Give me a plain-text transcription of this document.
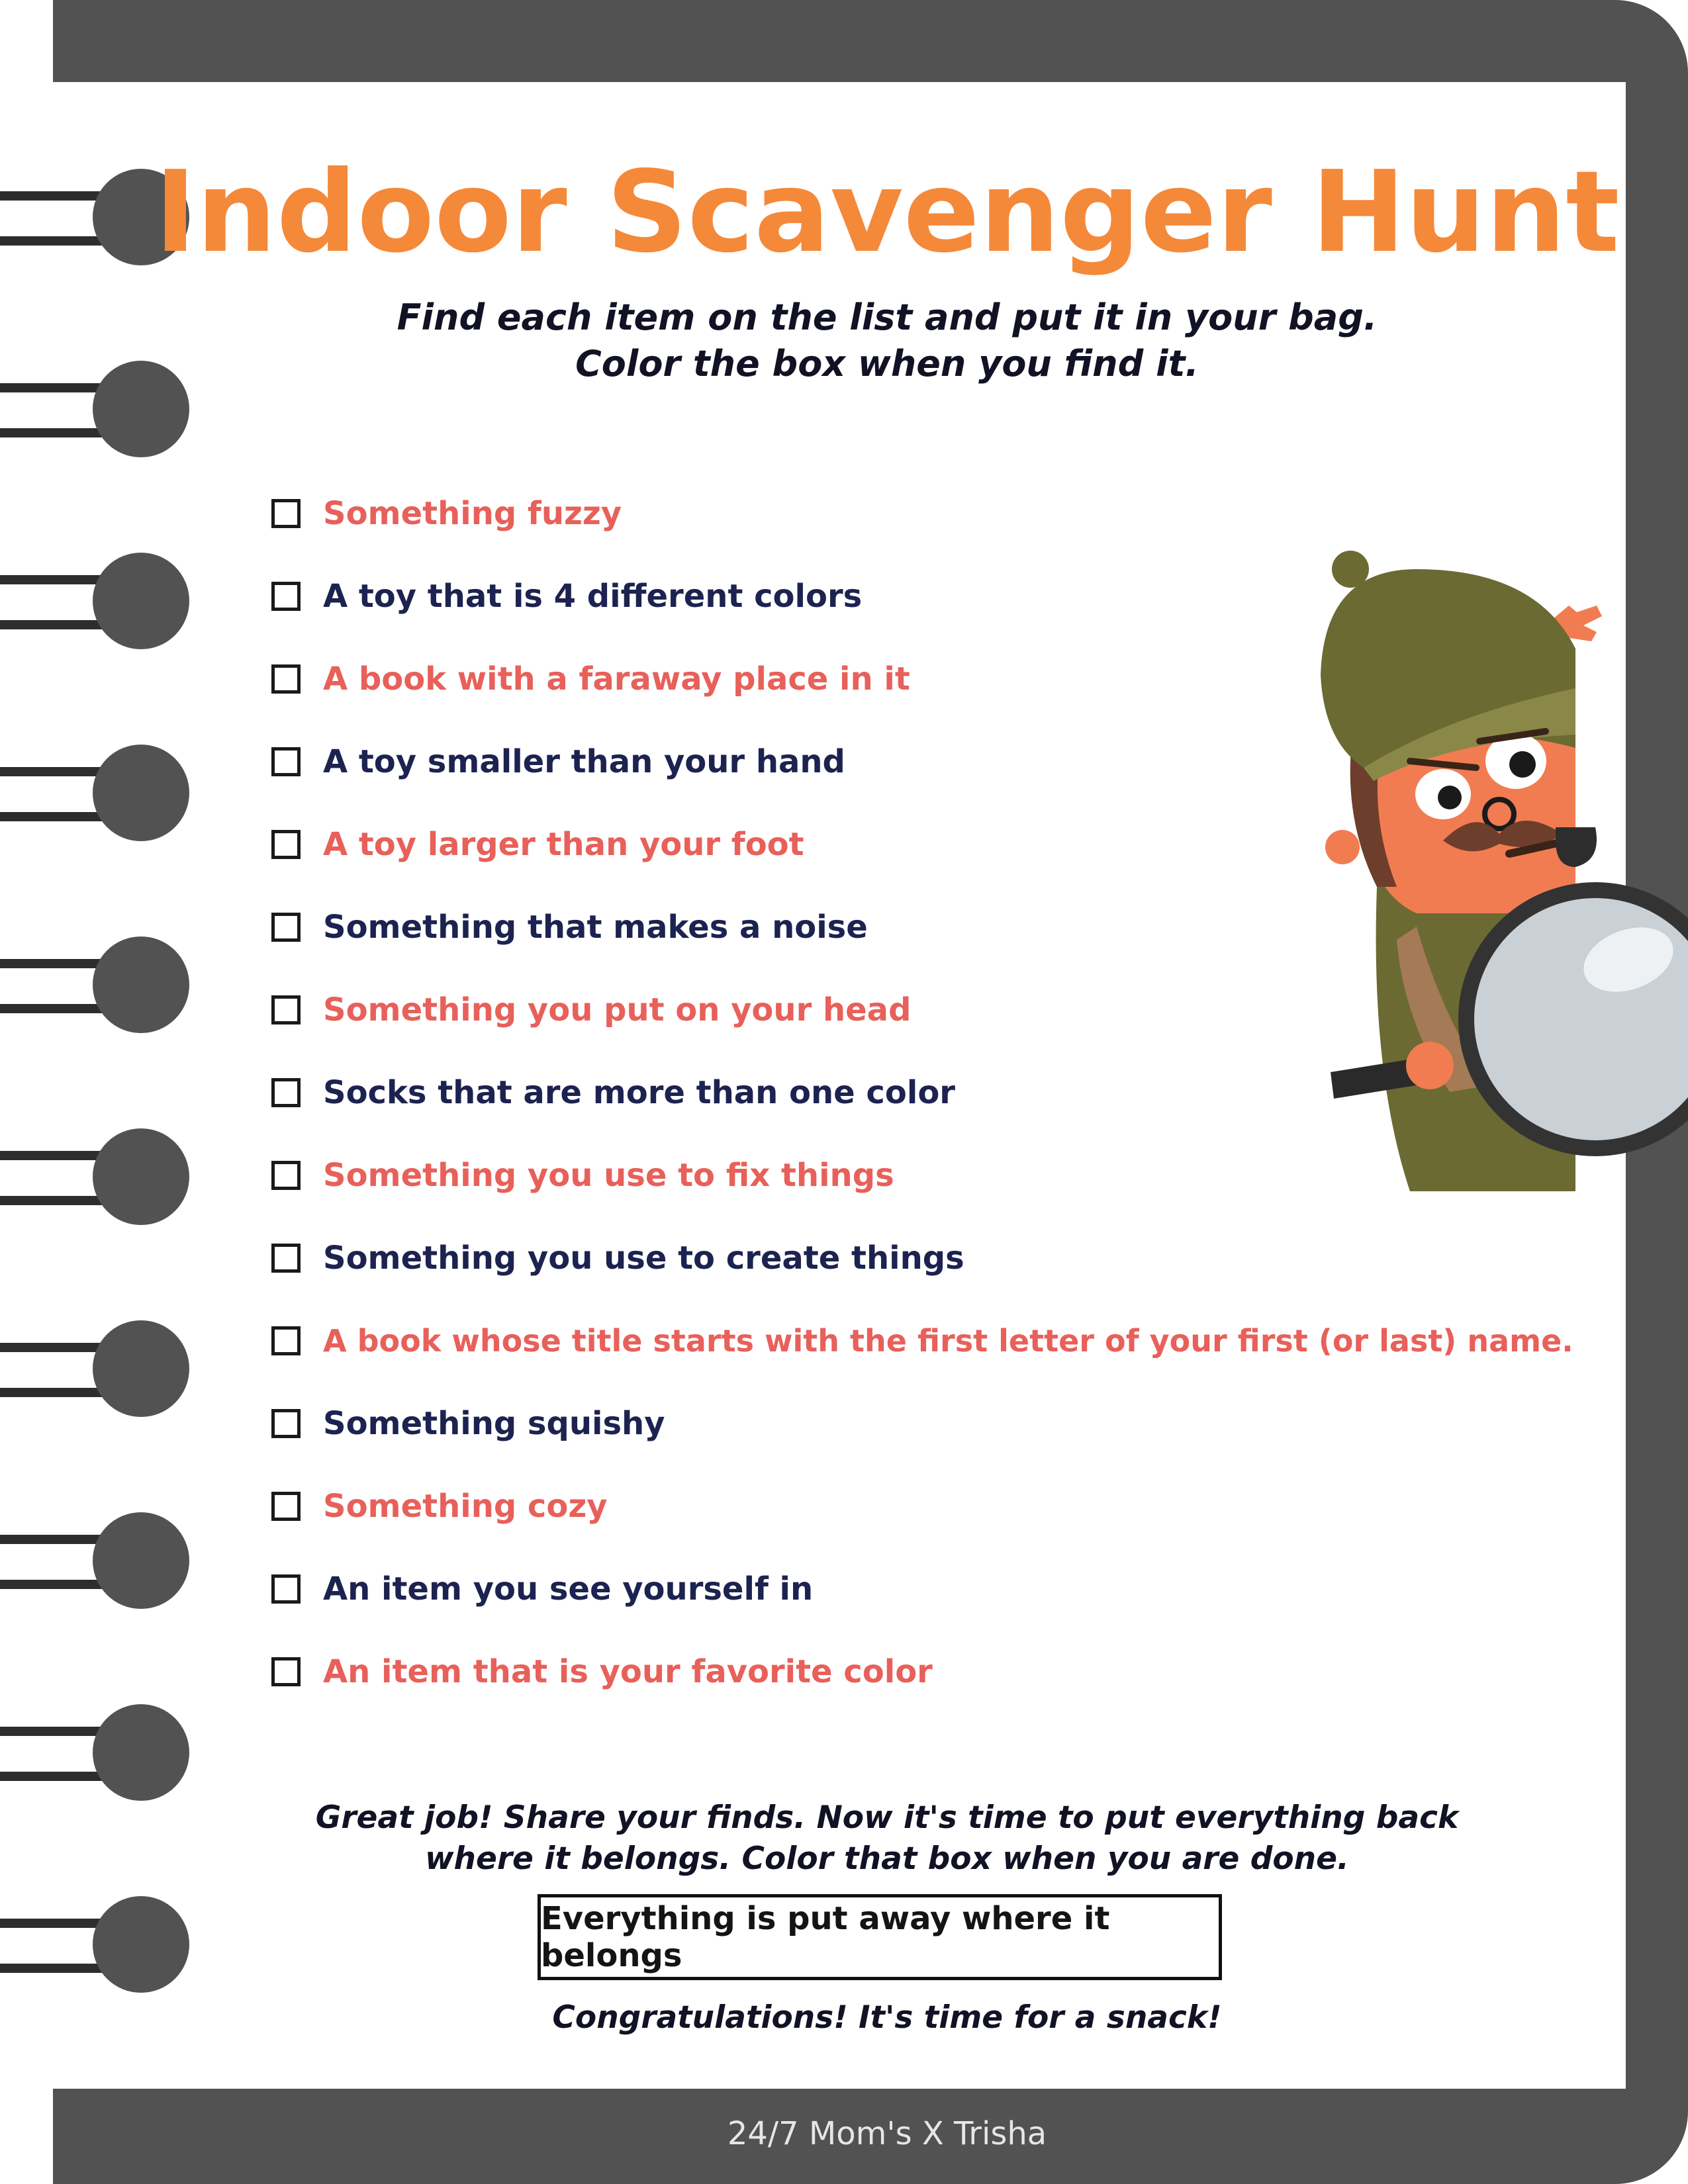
Indoor Scavenger Hunt
Find each item on the list and put it in your bag.
Color the box when you find it.
Something fuzzy
A toy that is 4 different colors
A book with a faraway place in it
A toy smaller than your hand
A toy larger than your foot
Something that makes a noise
Something you put on your head
Socks that are more than one color
Something you use to fix things
Something you use to create things
A book whose title starts with the first letter of your first (or last) name.
Something squishy
Something cozy
An item you see yourself in
An item that is your favorite color
Great job! Share your finds. Now it's time to put everything back
where it belongs. Color that box when you are done.
Everything is put away where it belongs
Congratulations! It's time for a snack!
24/7 Mom's X Trisha
